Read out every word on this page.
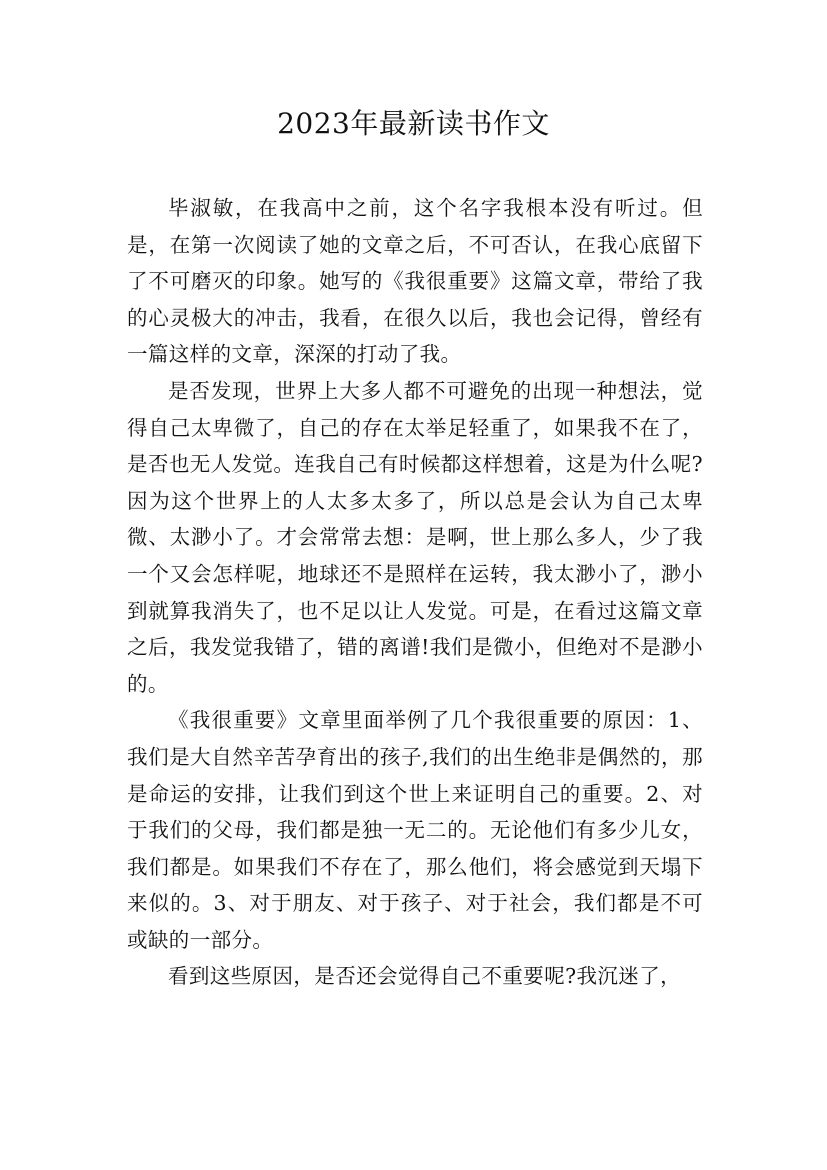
2023年最新读书作文

毕淑敏，在我高中之前，这个名字我根本没有听过。但是，在第一次阅读了她的文章之后，不可否认，在我心底留下了不可磨灭的印象。她写的《我很重要》这篇文章，带给了我的心灵极大的冲击，我看，在很久以后，我也会记得，曾经有一篇这样的文章，深深的打动了我。

是否发现，世界上大多人都不可避免的出现一种想法，觉得自己太卑微了，自己的存在太举足轻重了，如果我不在了，是否也无人发觉。连我自己有时候都这样想着，这是为什么呢?因为这个世界上的人太多太多了，所以总是会认为自己太卑微、太渺小了。才会常常去想：是啊，世上那么多人，少了我一个又会怎样呢，地球还不是照样在运转，我太渺小了，渺小到就算我消失了，也不足以让人发觉。可是，在看过这篇文章之后，我发觉我错了，错的离谱!我们是微小，但绝对不是渺小的。

《我很重要》文章里面举例了几个我很重要的原因：1、我们是大自然辛苦孕育出的孩子,我们的出生绝非是偶然的，那是命运的安排，让我们到这个世上来证明自己的重要。2、对于我们的父母，我们都是独一无二的。无论他们有多少儿女，我们都是。如果我们不存在了，那么他们，将会感觉到天塌下来似的。3、对于朋友、对于孩子、对于社会，我们都是不可或缺的一部分。

看到这些原因，是否还会觉得自己不重要呢?我沉迷了，
